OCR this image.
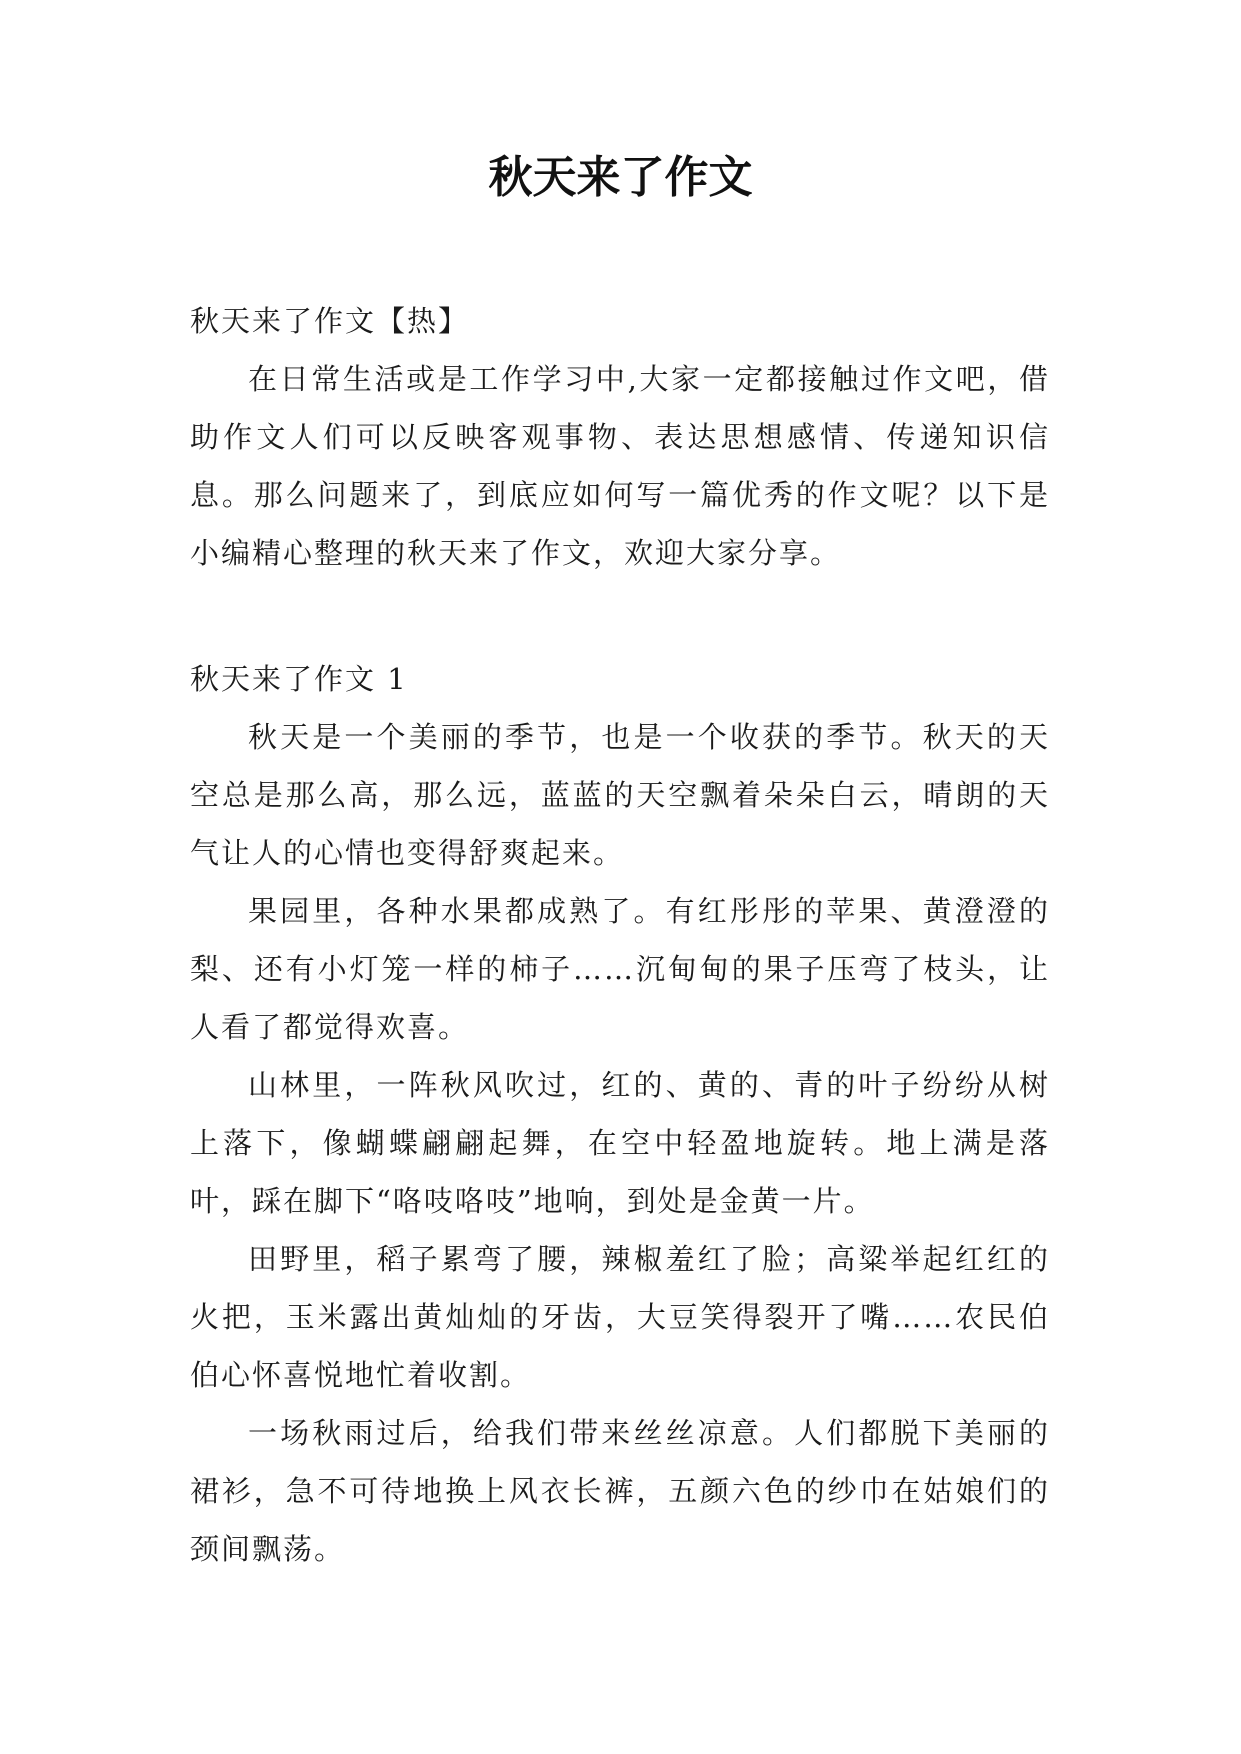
秋天来了作文

秋天来了作文【热】

在日常生活或是工作学习中,大家一定都接触过作文吧，借助作文人们可以反映客观事物、表达思想感情、传递知识信息。那么问题来了，到底应如何写一篇优秀的作文呢？以下是小编精心整理的秋天来了作文，欢迎大家分享。

秋天来了作文 1

秋天是一个美丽的季节，也是一个收获的季节。秋天的天空总是那么高，那么远，蓝蓝的天空飘着朵朵白云，晴朗的天气让人的心情也变得舒爽起来。

果园里，各种水果都成熟了。有红彤彤的苹果、黄澄澄的梨、还有小灯笼一样的柿子……沉甸甸的果子压弯了枝头，让人看了都觉得欢喜。

山林里，一阵秋风吹过，红的、黄的、青的叶子纷纷从树上落下，像蝴蝶翩翩起舞，在空中轻盈地旋转。地上满是落叶，踩在脚下“咯吱咯吱”地响，到处是金黄一片。

田野里，稻子累弯了腰，辣椒羞红了脸；高粱举起红红的火把，玉米露出黄灿灿的牙齿，大豆笑得裂开了嘴……农民伯伯心怀喜悦地忙着收割。

一场秋雨过后，给我们带来丝丝凉意。人们都脱下美丽的裙衫，急不可待地换上风衣长裤，五颜六色的纱巾在姑娘们的颈间飘荡。
